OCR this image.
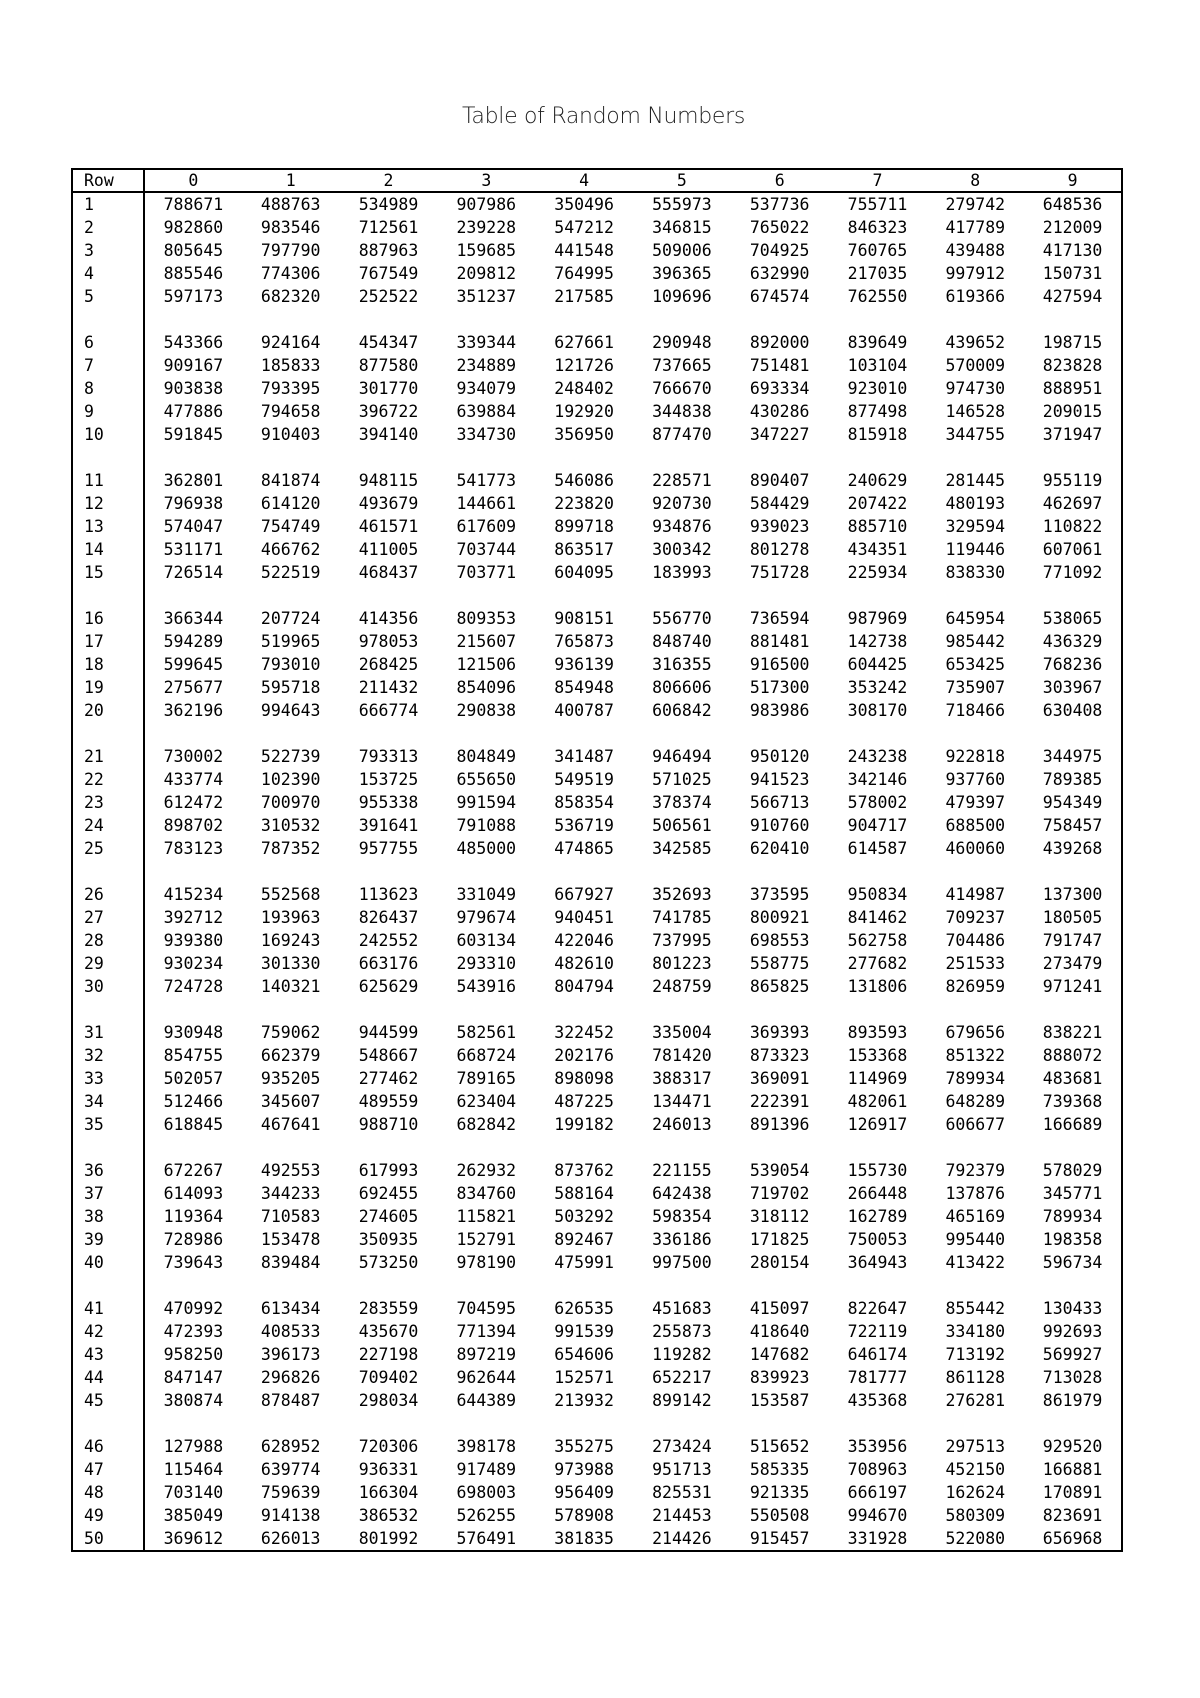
Table of Random Numbers
Row	0	1	2	3	4	5	6	7	8	9
1	788671	488763	534989	907986	350496	555973	537736	755711	279742	648536
2	982860	983546	712561	239228	547212	346815	765022	846323	417789	212009
3	805645	797790	887963	159685	441548	509006	704925	760765	439488	417130
4	885546	774306	767549	209812	764995	396365	632990	217035	997912	150731
5	597173	682320	252522	351237	217585	109696	674574	762550	619366	427594

6	543366	924164	454347	339344	627661	290948	892000	839649	439652	198715
7	909167	185833	877580	234889	121726	737665	751481	103104	570009	823828
8	903838	793395	301770	934079	248402	766670	693334	923010	974730	888951
9	477886	794658	396722	639884	192920	344838	430286	877498	146528	209015
10	591845	910403	394140	334730	356950	877470	347227	815918	344755	371947

11	362801	841874	948115	541773	546086	228571	890407	240629	281445	955119
12	796938	614120	493679	144661	223820	920730	584429	207422	480193	462697
13	574047	754749	461571	617609	899718	934876	939023	885710	329594	110822
14	531171	466762	411005	703744	863517	300342	801278	434351	119446	607061
15	726514	522519	468437	703771	604095	183993	751728	225934	838330	771092

16	366344	207724	414356	809353	908151	556770	736594	987969	645954	538065
17	594289	519965	978053	215607	765873	848740	881481	142738	985442	436329
18	599645	793010	268425	121506	936139	316355	916500	604425	653425	768236
19	275677	595718	211432	854096	854948	806606	517300	353242	735907	303967
20	362196	994643	666774	290838	400787	606842	983986	308170	718466	630408

21	730002	522739	793313	804849	341487	946494	950120	243238	922818	344975
22	433774	102390	153725	655650	549519	571025	941523	342146	937760	789385
23	612472	700970	955338	991594	858354	378374	566713	578002	479397	954349
24	898702	310532	391641	791088	536719	506561	910760	904717	688500	758457
25	783123	787352	957755	485000	474865	342585	620410	614587	460060	439268

26	415234	552568	113623	331049	667927	352693	373595	950834	414987	137300
27	392712	193963	826437	979674	940451	741785	800921	841462	709237	180505
28	939380	169243	242552	603134	422046	737995	698553	562758	704486	791747
29	930234	301330	663176	293310	482610	801223	558775	277682	251533	273479
30	724728	140321	625629	543916	804794	248759	865825	131806	826959	971241

31	930948	759062	944599	582561	322452	335004	369393	893593	679656	838221
32	854755	662379	548667	668724	202176	781420	873323	153368	851322	888072
33	502057	935205	277462	789165	898098	388317	369091	114969	789934	483681
34	512466	345607	489559	623404	487225	134471	222391	482061	648289	739368
35	618845	467641	988710	682842	199182	246013	891396	126917	606677	166689

36	672267	492553	617993	262932	873762	221155	539054	155730	792379	578029
37	614093	344233	692455	834760	588164	642438	719702	266448	137876	345771
38	119364	710583	274605	115821	503292	598354	318112	162789	465169	789934
39	728986	153478	350935	152791	892467	336186	171825	750053	995440	198358
40	739643	839484	573250	978190	475991	997500	280154	364943	413422	596734

41	470992	613434	283559	704595	626535	451683	415097	822647	855442	130433
42	472393	408533	435670	771394	991539	255873	418640	722119	334180	992693
43	958250	396173	227198	897219	654606	119282	147682	646174	713192	569927
44	847147	296826	709402	962644	152571	652217	839923	781777	861128	713028
45	380874	878487	298034	644389	213932	899142	153587	435368	276281	861979

46	127988	628952	720306	398178	355275	273424	515652	353956	297513	929520
47	115464	639774	936331	917489	973988	951713	585335	708963	452150	166881
48	703140	759639	166304	698003	956409	825531	921335	666197	162624	170891
49	385049	914138	386532	526255	578908	214453	550508	994670	580309	823691
50	369612	626013	801992	576491	381835	214426	915457	331928	522080	656968
